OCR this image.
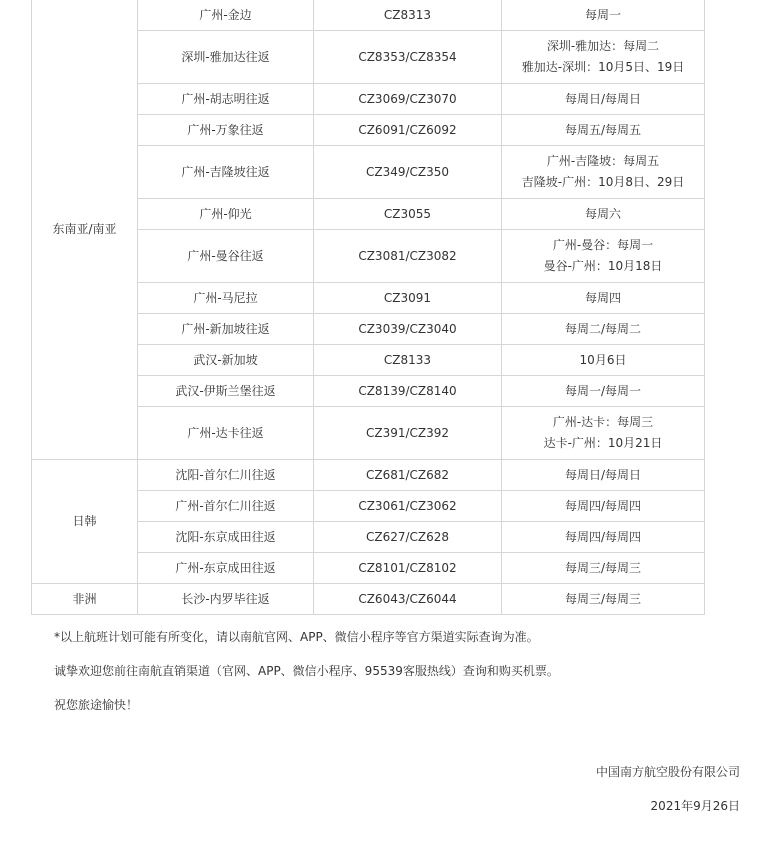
东南亚/南亚	广州-金边	CZ8313	每周一

	深圳-雅加达往返	CZ8353/CZ8354	深圳-雅加达：每周二
雅加达-深圳：10月5日、19日

	广州-胡志明往返	CZ3069/CZ3070	每周日/每周日

	广州-万象往返	CZ6091/CZ6092	每周五/每周五

	广州-吉隆坡往返	CZ349/CZ350	广州-吉隆坡：每周五
吉隆坡-广州：10月8日、29日

	广州-仰光	CZ3055	每周六

	广州-曼谷往返	CZ3081/CZ3082	广州-曼谷：每周一
曼谷-广州：10月18日

	广州-马尼拉	CZ3091	每周四

	广州-新加坡往返	CZ3039/CZ3040	每周二/每周二

	武汉-新加坡	CZ8133	10月6日

	武汉-伊斯兰堡往返	CZ8139/CZ8140	每周一/每周一

	广州-达卡往返	CZ391/CZ392	广州-达卡：每周三
达卡-广州：10月21日

日韩	沈阳-首尔仁川往返	CZ681/CZ682	每周日/每周日

	广州-首尔仁川往返	CZ3061/CZ3062	每周四/每周四

	沈阳-东京成田往返	CZ627/CZ628	每周四/每周四

	广州-东京成田往返	CZ8101/CZ8102	每周三/每周三

非洲	长沙-内罗毕往返	CZ6043/CZ6044	每周三/每周三

*以上航班计划可能有所变化，请以南航官网、APP、微信小程序等官方渠道实际查询为准。

诚挚欢迎您前往南航直销渠道（官网、APP、微信小程序、95539客服热线）查询和购买机票。

祝您旅途愉快！

中国南方航空股份有限公司
2021年9月26日
